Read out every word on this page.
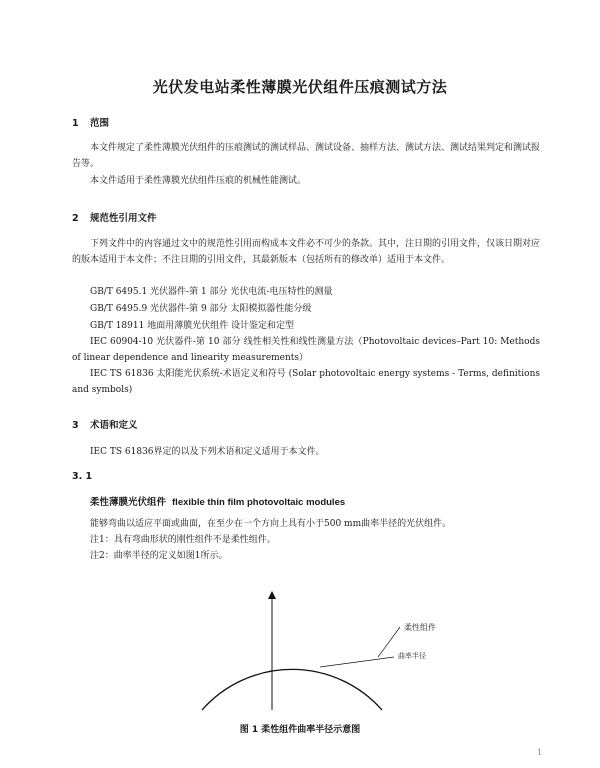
光伏发电站柔性薄膜光伏组件压痕测试方法
1 范围
本文件规定了柔性薄膜光伏组件的压痕测试的测试样品、测试设备、抽样方法、测试方法、测试结果判定和测试报告等。
本文件适用于柔性薄膜光伏组件压痕的机械性能测试。
2 规范性引用文件
下列文件中的内容通过文中的规范性引用而构成本文件必不可少的条款。其中，注日期的引用文件，仅该日期对应的版本适用于本文件；不注日期的引用文件，其最新版本（包括所有的修改单）适用于本文件。
GB/T 6495.1 光伏器件-第 1 部分 光伏电流-电压特性的测量
GB/T 6495.9 光伏器件-第 9 部分 太阳模拟器性能分级
GB/T 18911 地面用薄膜光伏组件 设计鉴定和定型
IEC 60904-10 光伏器件-第 10 部分 线性相关性和线性测量方法（Photovoltaic devices–Part 10: Methods of linear dependence and linearity measurements）
IEC TS 61836 太阳能光伏系统-术语定义和符号 (Solar photovoltaic energy systems - Terms, definitions and symbols)
3 术语和定义
IEC TS 61836界定的以及下列术语和定义适用于本文件。
3. 1
柔性薄膜光伏组件 flexible thin film photovoltaic modules
能够弯曲以适应平面或曲面，在至少在一个方向上具有小于500 mm曲率半径的光伏组件。
注1：具有弯曲形状的刚性组件不是柔性组件。
注2：曲率半径的定义如图1所示。
柔性组件
曲率半径
图 1 柔性组件曲率半径示意图
1
